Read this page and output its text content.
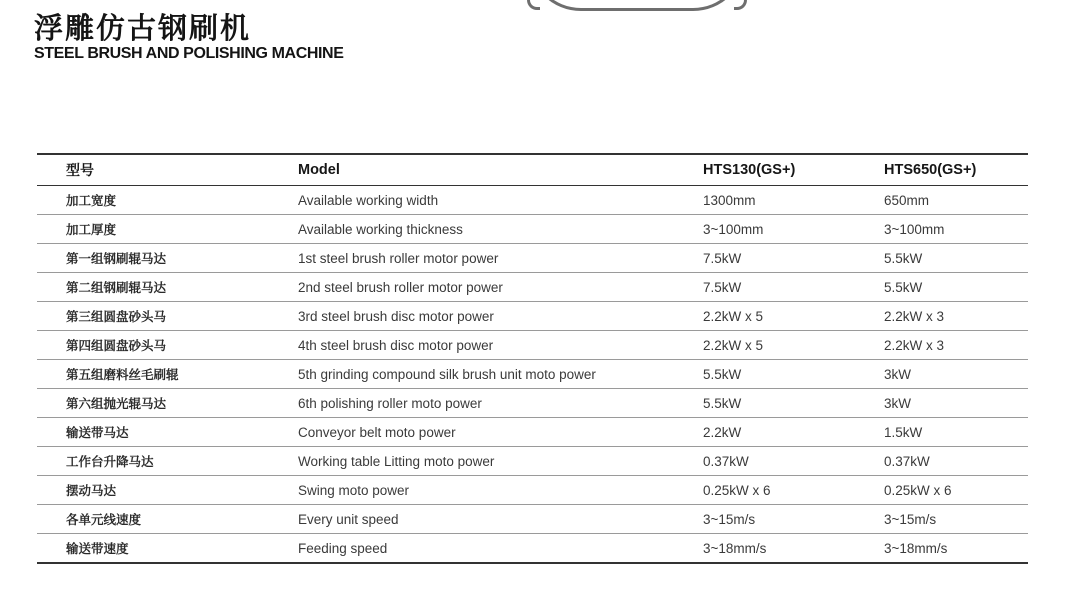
浮雕仿古钢刷机
STEEL BRUSH AND POLISHING MACHINE
型号	Model	HTS130(GS+)	HTS650(GS+)
加工宽度	Available working width	1300mm	650mm
加工厚度	Available working thickness	3~100mm	3~100mm
第一组钢刷辊马达	1st steel brush roller motor power	7.5kW	5.5kW
第二组钢刷辊马达	2nd steel brush roller motor power	7.5kW	5.5kW
第三组圆盘砂头马	3rd steel brush disc motor power	2.2kW x 5	2.2kW x 3
第四组圆盘砂头马	4th steel brush disc motor power	2.2kW x 5	2.2kW x 3
第五组磨料丝毛刷辊	5th grinding compound silk brush unit moto power	5.5kW	3kW
第六组抛光辊马达	6th polishing roller moto power	5.5kW	3kW
输送带马达	Conveyor belt moto power	2.2kW	1.5kW
工作台升降马达	Working table Litting moto power	0.37kW	0.37kW
摆动马达	Swing moto power	0.25kW x 6	0.25kW x 6
各单元线速度	Every unit speed	3~15m/s	3~15m/s
输送带速度	Feeding speed	3~18mm/s	3~18mm/s
